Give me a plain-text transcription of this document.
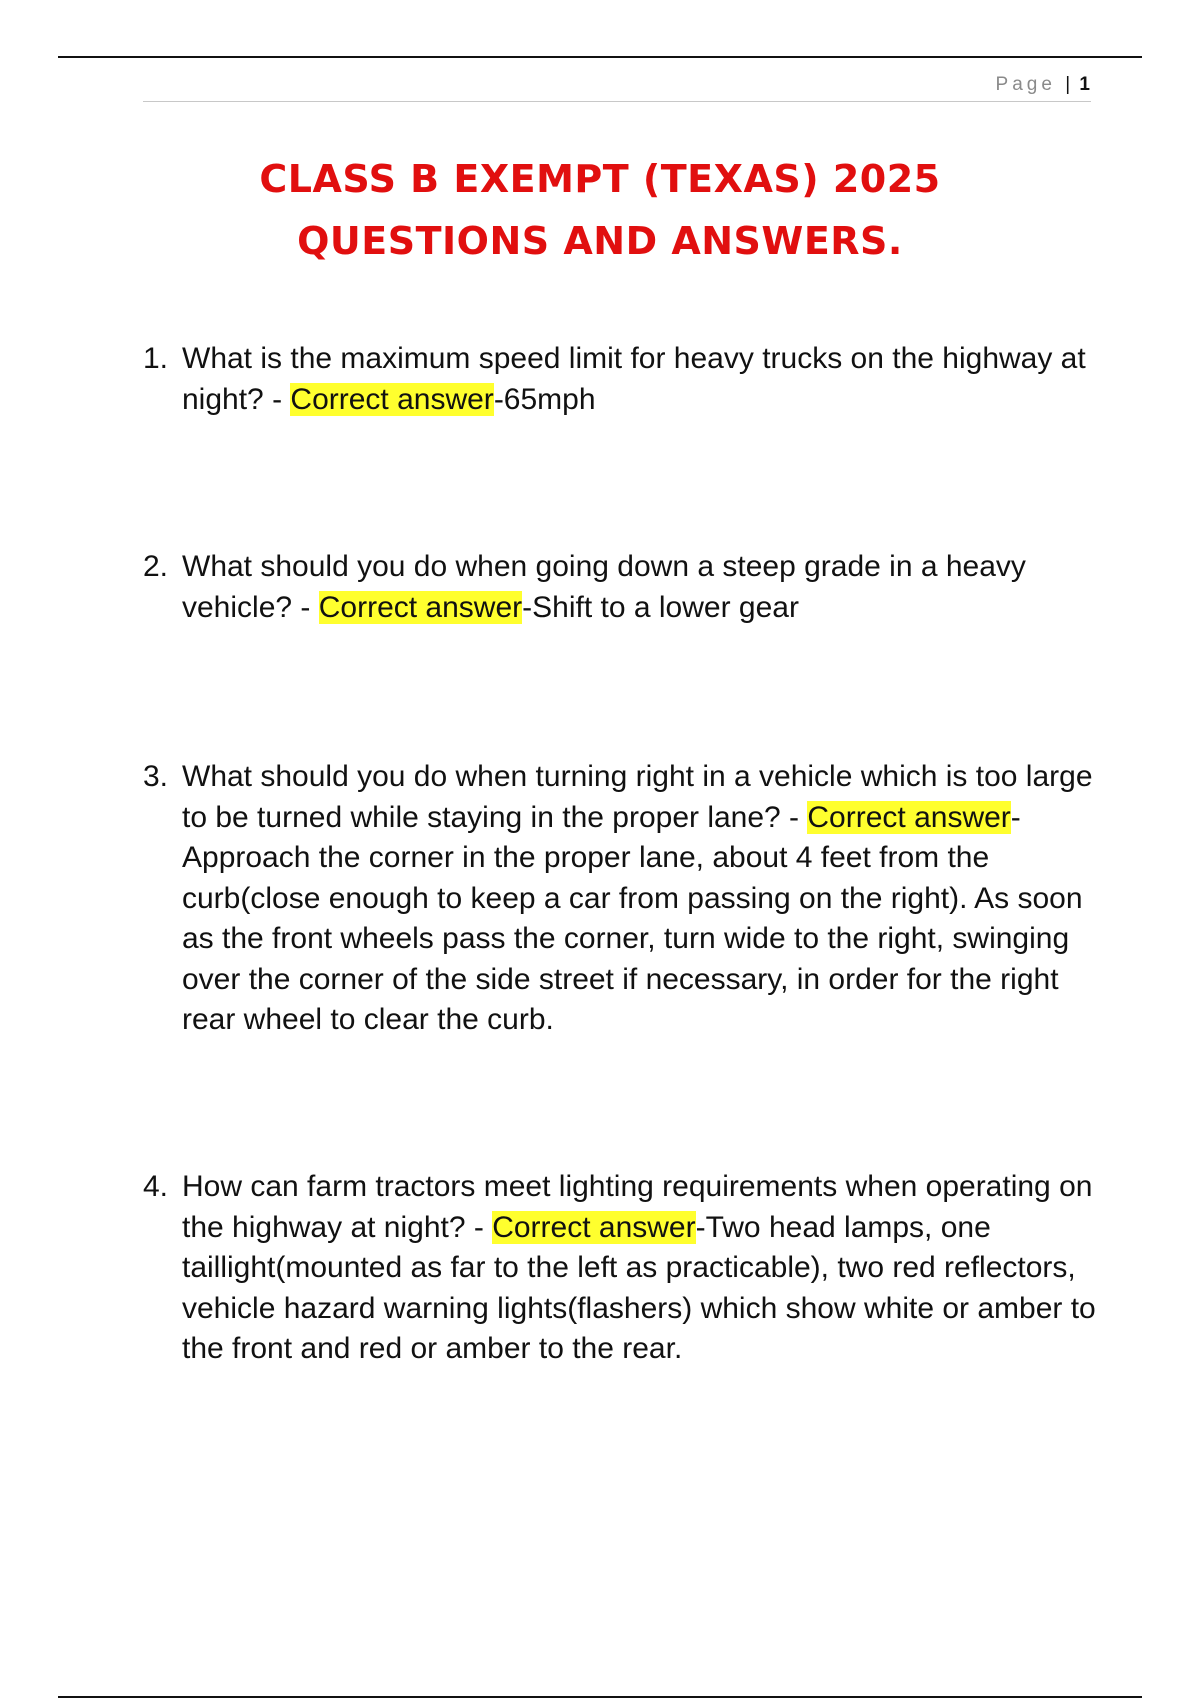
Page | 1
CLASS B EXEMPT (TEXAS) 2025
QUESTIONS AND ANSWERS.
1. What is the maximum speed limit for heavy trucks on the highway at night? - Correct answer-65mph
2. What should you do when going down a steep grade in a heavy vehicle? - Correct answer-Shift to a lower gear
3. What should you do when turning right in a vehicle which is too large to be turned while staying in the proper lane? - Correct answer-Approach the corner in the proper lane, about 4 feet from the curb(close enough to keep a car from passing on the right). As soon as the front wheels pass the corner, turn wide to the right, swinging over the corner of the side street if necessary, in order for the right rear wheel to clear the curb.
4. How can farm tractors meet lighting requirements when operating on the highway at night? - Correct answer-Two head lamps, one taillight(mounted as far to the left as practicable), two red reflectors, vehicle hazard warning lights(flashers) which show white or amber to the front and red or amber to the rear.
